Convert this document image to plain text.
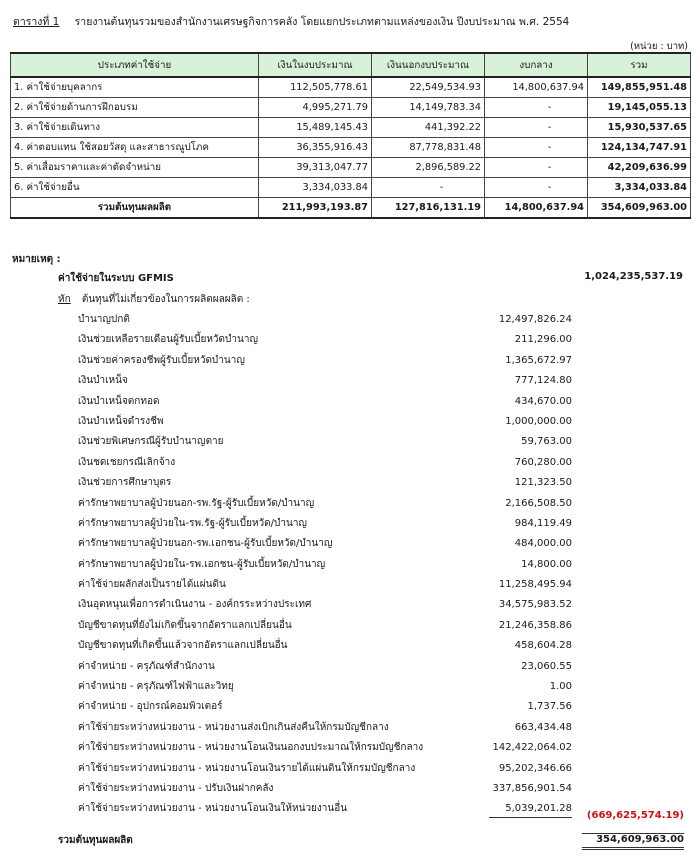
ตารางที่ 1 รายงานต้นทุนรวมของสำนักงานเศรษฐกิจการคลัง โดยแยกประเภทตามแหล่งของเงิน ปีงบประมาณ พ.ศ. 2554
(หน่วย : บาท)
ประเภทค่าใช้จ่าย	เงินในงบประมาณ	เงินนอกงบประมาณ	งบกลาง	รวม
1. ค่าใช้จ่ายบุคลากร	112,505,778.61	22,549,534.93	14,800,637.94	149,855,951.48
2. ค่าใช้จ่ายด้านการฝึกอบรม	4,995,271.79	14,149,783.34	-	19,145,055.13
3. ค่าใช้จ่ายเดินทาง	15,489,145.43	441,392.22	-	15,930,537.65
4. ค่าตอบแทน ใช้สอยวัสดุ และสาธารณูปโภค	36,355,916.43	87,778,831.48	-	124,134,747.91
5. ค่าเสื่อมราคาและค่าตัดจำหน่าย	39,313,047.77	2,896,589.22	-	42,209,636.99
6. ค่าใช้จ่ายอื่น	3,334,033.84	-	-	3,334,033.84
รวมต้นทุนผลผลิต	211,993,193.87	127,816,131.19	14,800,637.94	354,609,963.00
หมายเหตุ :
ค่าใช้จ่ายในระบบ GFMIS	1,024,235,537.19
หัก ต้นทุนที่ไม่เกี่ยวข้องในการผลิตผลผลิต :
บำนาญปกติ	12,497,826.24
เงินช่วยเหลือรายเดือนผู้รับเบี้ยหวัดบำนาญ	211,296.00
เงินช่วยค่าครองชีพผู้รับเบี้ยหวัดบำนาญ	1,365,672.97
เงินบำเหน็จ	777,124.80
เงินบำเหน็จตกทอด	434,670.00
เงินบำเหน็จดำรงชีพ	1,000,000.00
เงินช่วยพิเศษกรณีผู้รับบำนาญตาย	59,763.00
เงินชดเชยกรณีเลิกจ้าง	760,280.00
เงินช่วยการศึกษาบุตร	121,323.50
ค่ารักษาพยาบาลผู้ป่วยนอก-รพ.รัฐ-ผู้รับเบี้ยหวัด/บำนาญ	2,166,508.50
ค่ารักษาพยาบาลผู้ป่วยใน-รพ.รัฐ-ผู้รับเบี้ยหวัด/บำนาญ	984,119.49
ค่ารักษาพยาบาลผู้ป่วยนอก-รพ.เอกชน-ผู้รับเบี้ยหวัด/บำนาญ	484,000.00
ค่ารักษาพยาบาลผู้ป่วยใน-รพ.เอกชน-ผู้รับเบี้ยหวัด/บำนาญ	14,800.00
ค่าใช้จ่ายผลักส่งเป็นรายได้แผ่นดิน	11,258,495.94
เงินอุดหนุนเพื่อการดำเนินงาน - องค์กรระหว่างประเทศ	34,575,983.52
บัญชีขาดทุนที่ยังไม่เกิดขึ้นจากอัตราแลกเปลี่ยนอื่น	21,246,358.86
บัญชีขาดทุนที่เกิดขึ้นแล้วจากอัตราแลกเปลี่ยนอื่น	458,604.28
ค่าจำหน่าย - ครุภัณฑ์สำนักงาน	23,060.55
ค่าจำหน่าย - ครุภัณฑ์ไฟฟ้าและวิทยุ	1.00
ค่าจำหน่าย - อุปกรณ์คอมพิวเตอร์	1,737.56
ค่าใช้จ่ายระหว่างหน่วยงาน - หน่วยงานส่งเบิกเกินส่งคืนให้กรมบัญชีกลาง	663,434.48
ค่าใช้จ่ายระหว่างหน่วยงาน - หน่วยงานโอนเงินนอกงบประมาณให้กรมบัญชีกลาง	142,422,064.02
ค่าใช้จ่ายระหว่างหน่วยงาน - หน่วยงานโอนเงินรายได้แผ่นดินให้กรมบัญชีกลาง	95,202,346.66
ค่าใช้จ่ายระหว่างหน่วยงาน - ปรับเงินฝากคลัง	337,856,901.54
ค่าใช้จ่ายระหว่างหน่วยงาน - หน่วยงานโอนเงินให้หน่วยงานอื่น	5,039,201.28
(669,625,574.19)
รวมต้นทุนผลผลิต	354,609,963.00
